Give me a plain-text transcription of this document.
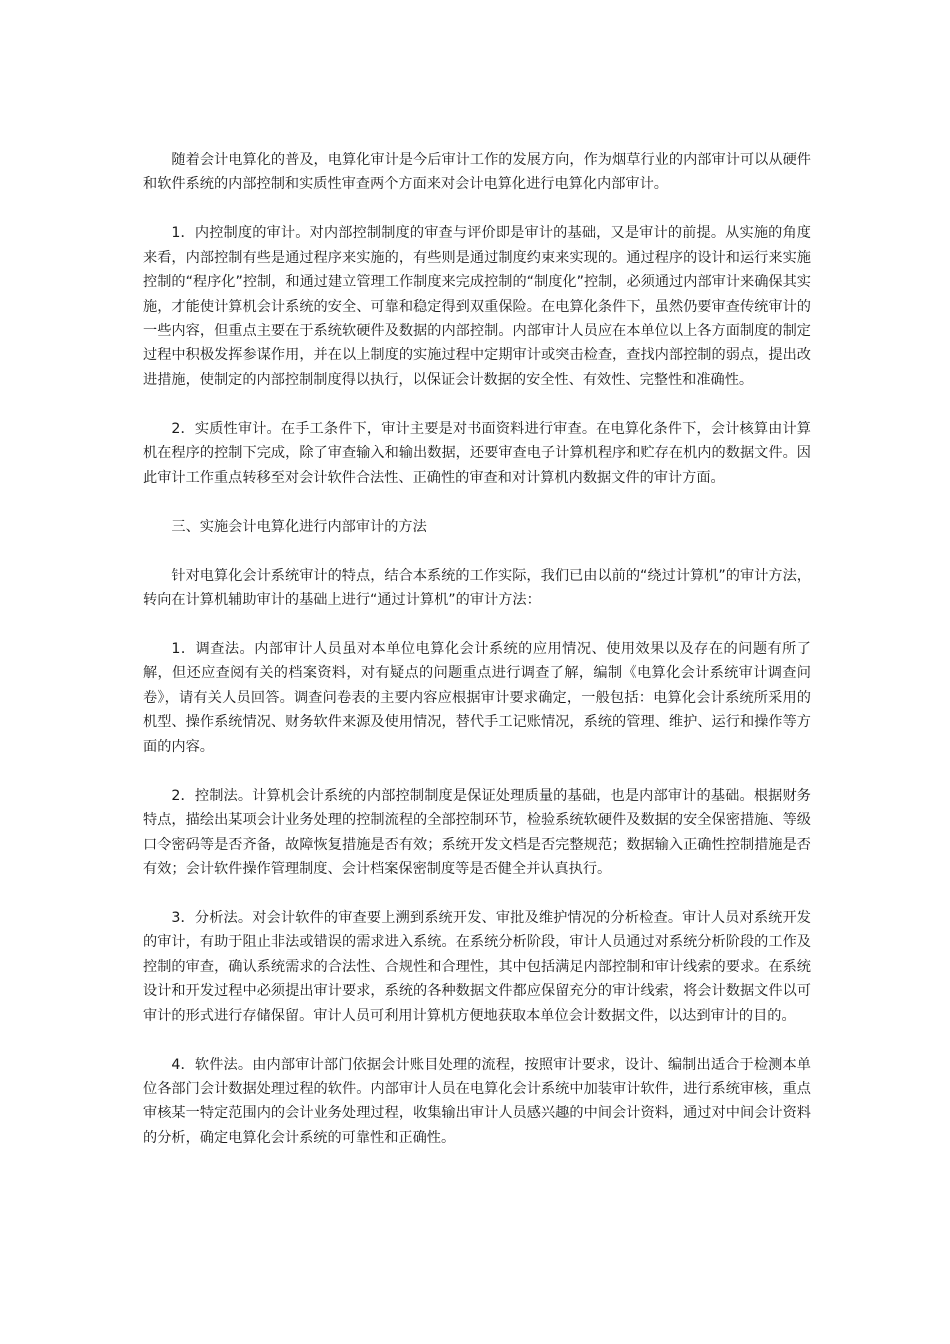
随着会计电算化的普及，电算化审计是今后审计工作的发展方向，作为烟草行业的内部审计可以从硬件和软件系统的内部控制和实质性审查两个方面来对会计电算化进行电算化内部审计。

1．内控制度的审计。对内部控制制度的审查与评价即是审计的基础，又是审计的前提。从实施的角度来看，内部控制有些是通过程序来实施的，有些则是通过制度约束来实现的。通过程序的设计和运行来实施控制的“程序化”控制，和通过建立管理工作制度来完成控制的“制度化”控制，必须通过内部审计来确保其实施，才能使计算机会计系统的安全、可靠和稳定得到双重保险。在电算化条件下，虽然仍要审查传统审计的一些内容，但重点主要在于系统软硬件及数据的内部控制。内部审计人员应在本单位以上各方面制度的制定过程中积极发挥参谋作用，并在以上制度的实施过程中定期审计或突击检查，查找内部控制的弱点，提出改进措施，使制定的内部控制制度得以执行，以保证会计数据的安全性、有效性、完整性和准确性。

2．实质性审计。在手工条件下，审计主要是对书面资料进行审查。在电算化条件下，会计核算由计算机在程序的控制下完成，除了审查输入和输出数据，还要审查电子计算机程序和贮存在机内的数据文件。因此审计工作重点转移至对会计软件合法性、正确性的审查和对计算机内数据文件的审计方面。

三、实施会计电算化进行内部审计的方法

针对电算化会计系统审计的特点，结合本系统的工作实际，我们已由以前的“绕过计算机”的审计方法，转向在计算机辅助审计的基础上进行“通过计算机”的审计方法：

1．调查法。内部审计人员虽对本单位电算化会计系统的应用情况、使用效果以及存在的问题有所了解，但还应查阅有关的档案资料，对有疑点的问题重点进行调查了解，编制《电算化会计系统审计调查问卷》，请有关人员回答。调查问卷表的主要内容应根据审计要求确定，一般包括：电算化会计系统所采用的机型、操作系统情况、财务软件来源及使用情况，替代手工记账情况，系统的管理、维护、运行和操作等方面的内容。

2．控制法。计算机会计系统的内部控制制度是保证处理质量的基础，也是内部审计的基础。根据财务特点，描绘出某项会计业务处理的控制流程的全部控制环节，检验系统软硬件及数据的安全保密措施、等级口令密码等是否齐备，故障恢复措施是否有效；系统开发文档是否完整规范；数据输入正确性控制措施是否有效；会计软件操作管理制度、会计档案保密制度等是否健全并认真执行。

3．分析法。对会计软件的审查要上溯到系统开发、审批及维护情况的分析检查。审计人员对系统开发的审计，有助于阻止非法或错误的需求进入系统。在系统分析阶段，审计人员通过对系统分析阶段的工作及控制的审查，确认系统需求的合法性、合规性和合理性，其中包括满足内部控制和审计线索的要求。在系统设计和开发过程中必须提出审计要求，系统的各种数据文件都应保留充分的审计线索，将会计数据文件以可审计的形式进行存储保留。审计人员可利用计算机方便地获取本单位会计数据文件，以达到审计的目的。

4．软件法。由内部审计部门依据会计账目处理的流程，按照审计要求，设计、编制出适合于检测本单位各部门会计数据处理过程的软件。内部审计人员在电算化会计系统中加装审计软件，进行系统审核，重点审核某一特定范围内的会计业务处理过程，收集输出审计人员感兴趣的中间会计资料，通过对中间会计资料的分析，确定电算化会计系统的可靠性和正确性。
